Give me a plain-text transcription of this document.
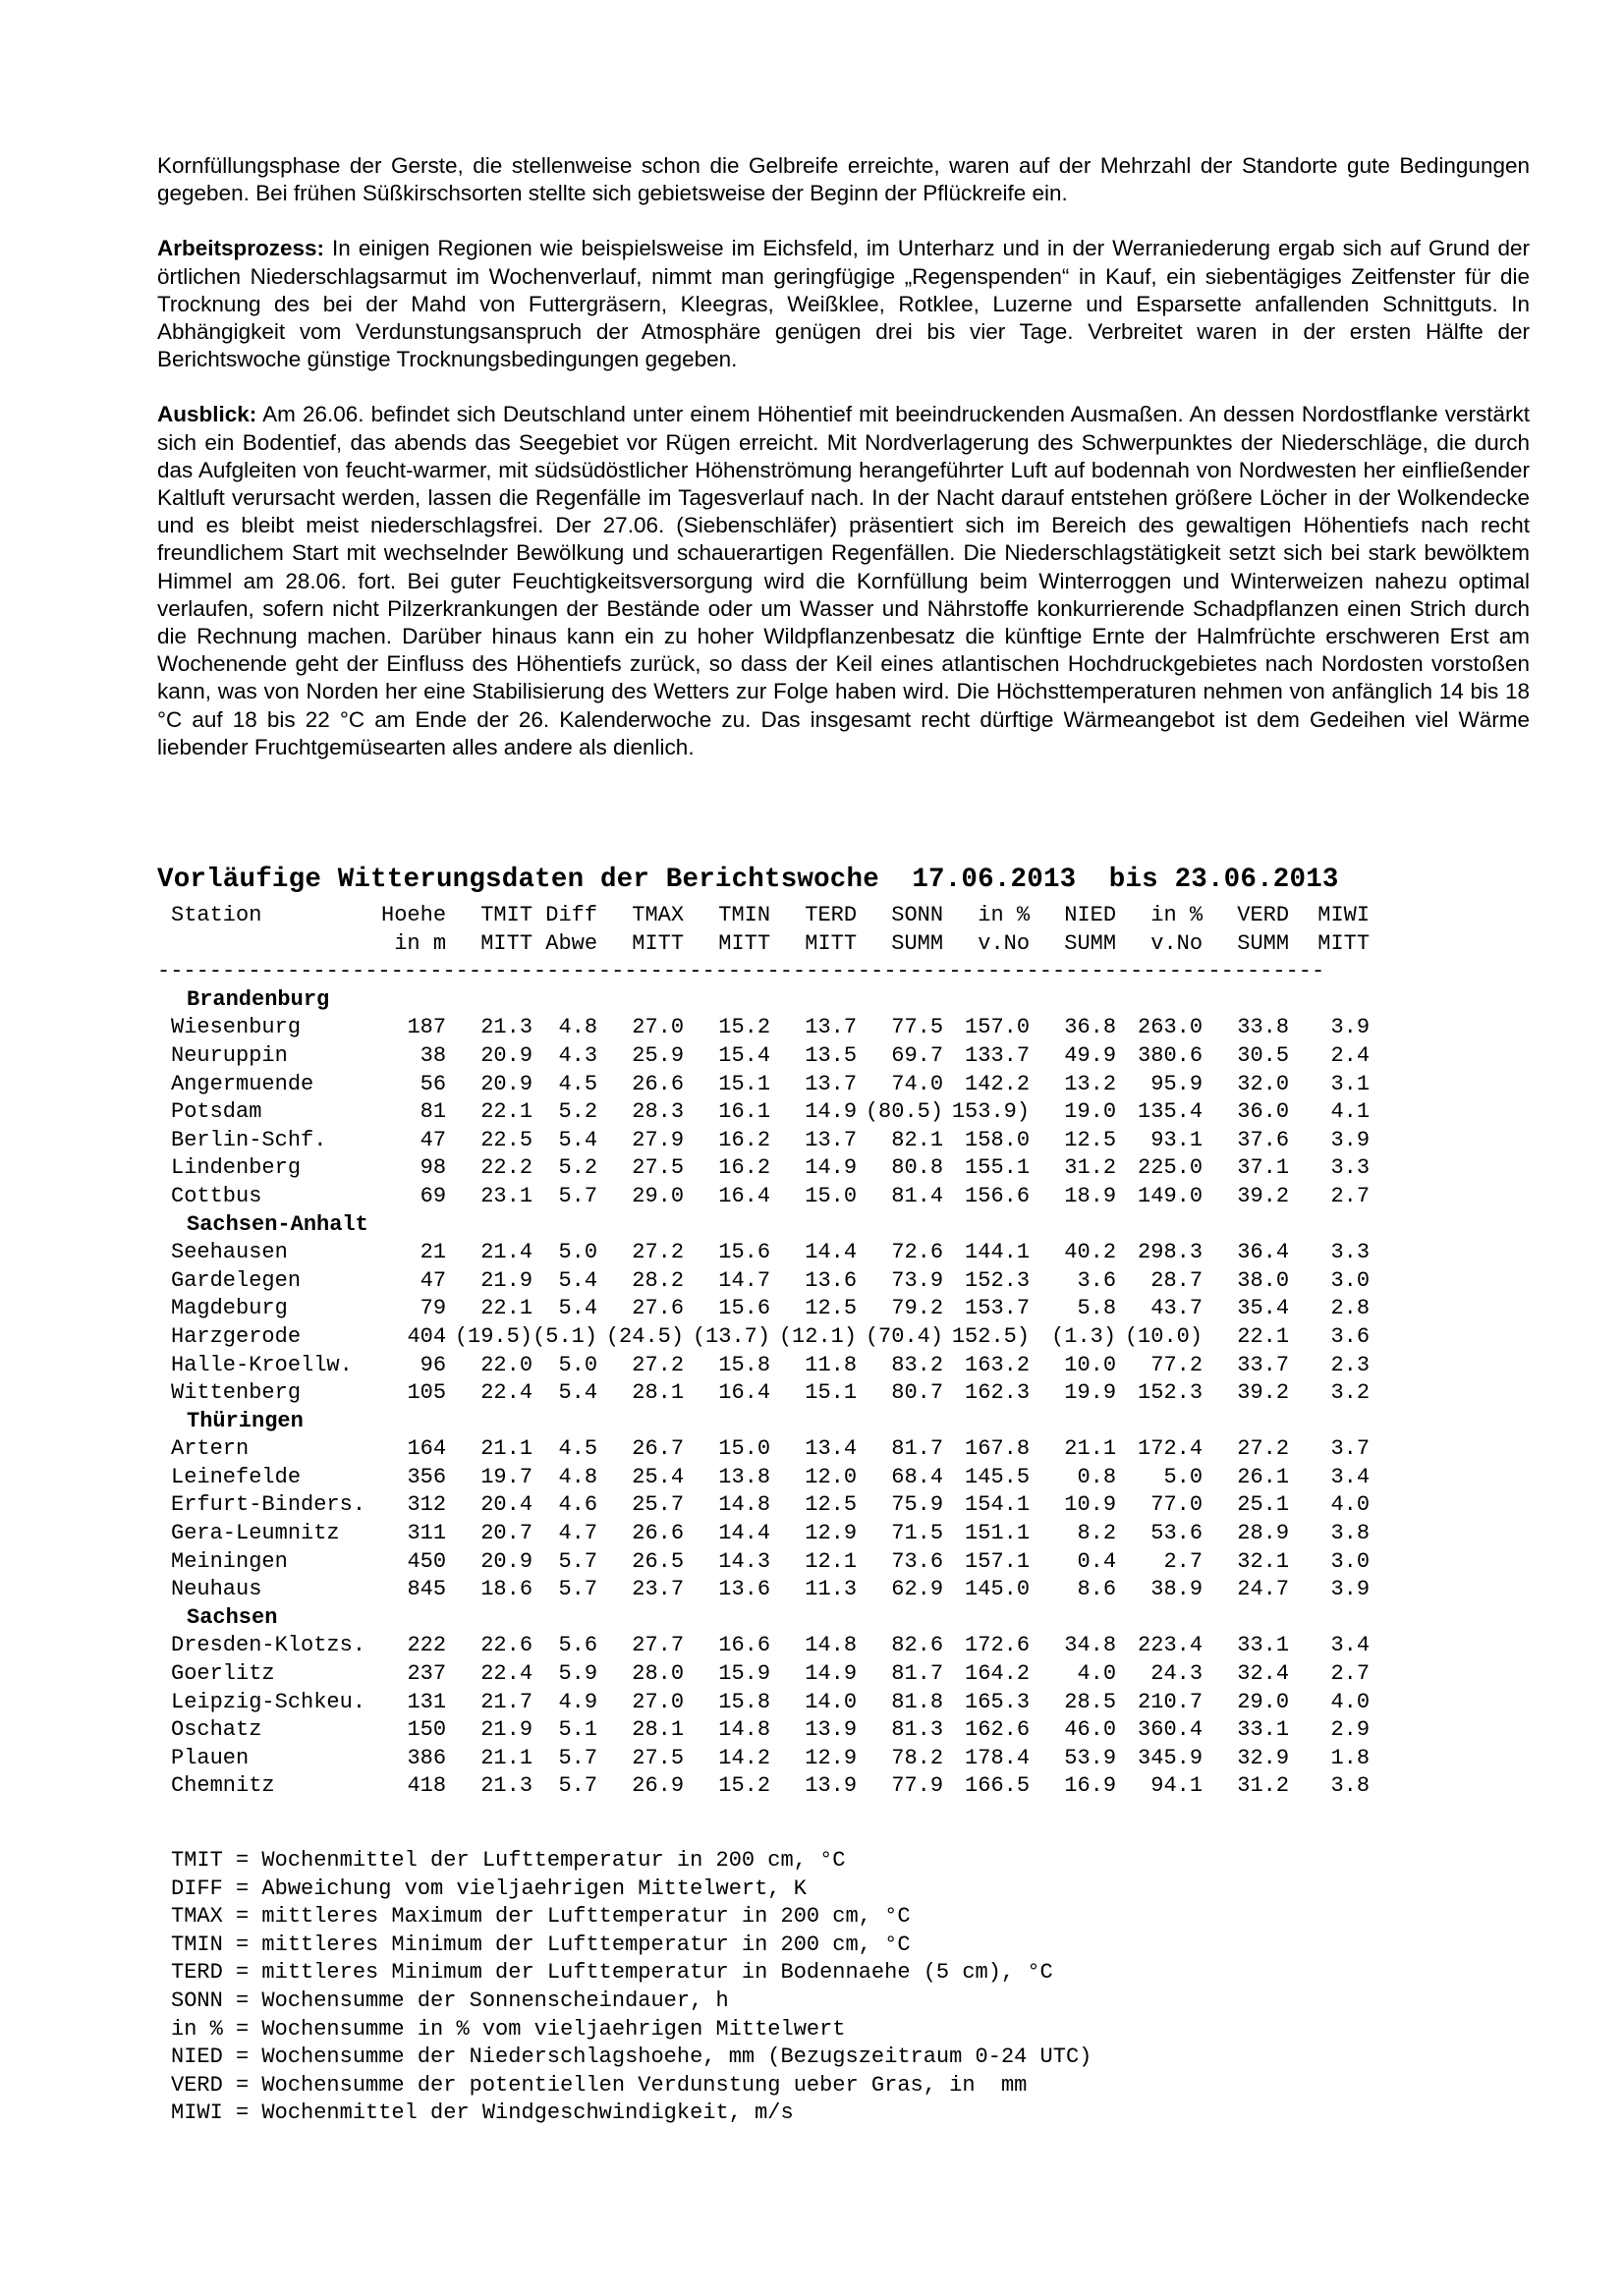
Kornfüllungsphase der Gerste, die stellenweise schon die Gelbreife erreichte, waren auf der Mehrzahl der Standorte gute Bedingungen gegeben. Bei frühen Süßkirschsorten stellte sich gebietsweise der Beginn der Pflückreife ein.

Arbeitsprozess: In einigen Regionen wie beispielsweise im Eichsfeld, im Unterharz und in der Werraniederung ergab sich auf Grund der örtlichen Niederschlagsarmut im Wochenverlauf, nimmt man geringfügige „Regenspenden“ in Kauf, ein siebentägiges Zeitfenster für die Trocknung des bei der Mahd von Futtergräsern, Kleegras, Weißklee, Rotklee, Luzerne und Esparsette anfallenden Schnittguts. In Abhängigkeit vom Verdunstungsanspruch der Atmosphäre genügen drei bis vier Tage. Verbreitet waren in der ersten Hälfte der Berichtswoche günstige Trocknungsbedingungen gegeben.

Ausblick: Am 26.06. befindet sich Deutschland unter einem Höhentief mit beeindruckenden Ausmaßen. An dessen Nordostflanke verstärkt sich ein Bodentief, das abends das Seegebiet vor Rügen erreicht. Mit Nordverlagerung des Schwerpunktes der Niederschläge, die durch das Aufgleiten von feucht-warmer, mit südsüdöstlicher Höhenströmung herangeführter Luft auf bodennah von Nordwesten her einfließender Kaltluft verursacht werden, lassen die Regenfälle im Tagesverlauf nach. In der Nacht darauf entstehen größere Löcher in der Wolkendecke und es bleibt meist niederschlagsfrei. Der 27.06. (Siebenschläfer) präsentiert sich im Bereich des gewaltigen Höhentiefs nach recht freundlichem Start mit wechselnder Bewölkung und schauerartigen Regenfällen. Die Niederschlagstätigkeit setzt sich bei stark bewölktem Himmel am 28.06. fort. Bei guter Feuchtigkeitsversorgung wird die Kornfüllung beim Winterroggen und Winterweizen nahezu optimal verlaufen, sofern nicht Pilzerkrankungen der Bestände oder um Wasser und Nährstoffe konkurrierende Schadpflanzen einen Strich durch die Rechnung machen. Darüber hinaus kann ein zu hoher Wildpflanzenbesatz die künftige Ernte der Halmfrüchte erschweren Erst am Wochenende geht der Einfluss des Höhentiefs zurück, so dass der Keil eines atlantischen Hochdruckgebietes nach Nordosten vorstoßen kann, was von Norden her eine Stabilisierung des Wetters zur Folge haben wird. Die Höchsttemperaturen nehmen von anfänglich 14 bis 18 °C auf 18 bis 22 °C am Ende der 26. Kalenderwoche zu. Das insgesamt recht dürftige Wärmeangebot ist dem Gedeihen viel Wärme liebender Fruchtgemüsearten alles andere als dienlich.

Vorläufige Witterungsdaten der Berichtswoche  17.06.2013  bis 23.06.2013
Station	Hoehe	TMIT	Diff	TMAX	TMIN	TERD	SONN	in %	NIED	in %	VERD	MIWI
	in m	MITT	Abwe	MITT	MITT	MITT	SUMM	v.No	SUMM	v.No	SUMM	MITT
------------------------------------------------------------------------------------------												
Brandenburg												
Wiesenburg	187	21.3	4.8	27.0	15.2	13.7	77.5	157.0	36.8	263.0	33.8	3.9
Neuruppin	38	20.9	4.3	25.9	15.4	13.5	69.7	133.7	49.9	380.6	30.5	2.4
Angermuende	56	20.9	4.5	26.6	15.1	13.7	74.0	142.2	13.2	95.9	32.0	3.1
Potsdam	81	22.1	5.2	28.3	16.1	14.9	(80.5)	153.9)	19.0	135.4	36.0	4.1
Berlin-Schf.	47	22.5	5.4	27.9	16.2	13.7	82.1	158.0	12.5	93.1	37.6	3.9
Lindenberg	98	22.2	5.2	27.5	16.2	14.9	80.8	155.1	31.2	225.0	37.1	3.3
Cottbus	69	23.1	5.7	29.0	16.4	15.0	81.4	156.6	18.9	149.0	39.2	2.7
Sachsen-Anhalt												
Seehausen	21	21.4	5.0	27.2	15.6	14.4	72.6	144.1	40.2	298.3	36.4	3.3
Gardelegen	47	21.9	5.4	28.2	14.7	13.6	73.9	152.3	3.6	28.7	38.0	3.0
Magdeburg	79	22.1	5.4	27.6	15.6	12.5	79.2	153.7	5.8	43.7	35.4	2.8
Harzgerode	404	(19.5)	(5.1)	(24.5)	(13.7)	(12.1)	(70.4)	152.5)	(1.3)	(10.0)	22.1	3.6
Halle-Kroellw.	96	22.0	5.0	27.2	15.8	11.8	83.2	163.2	10.0	77.2	33.7	2.3
Wittenberg	105	22.4	5.4	28.1	16.4	15.1	80.7	162.3	19.9	152.3	39.2	3.2
Thüringen												
Artern	164	21.1	4.5	26.7	15.0	13.4	81.7	167.8	21.1	172.4	27.2	3.7
Leinefelde	356	19.7	4.8	25.4	13.8	12.0	68.4	145.5	0.8	5.0	26.1	3.4
Erfurt-Binders.	312	20.4	4.6	25.7	14.8	12.5	75.9	154.1	10.9	77.0	25.1	4.0
Gera-Leumnitz	311	20.7	4.7	26.6	14.4	12.9	71.5	151.1	8.2	53.6	28.9	3.8
Meiningen	450	20.9	5.7	26.5	14.3	12.1	73.6	157.1	0.4	2.7	32.1	3.0
Neuhaus	845	18.6	5.7	23.7	13.6	11.3	62.9	145.0	8.6	38.9	24.7	3.9
Sachsen												
Dresden-Klotzs.	222	22.6	5.6	27.7	16.6	14.8	82.6	172.6	34.8	223.4	33.1	3.4
Goerlitz	237	22.4	5.9	28.0	15.9	14.9	81.7	164.2	4.0	24.3	32.4	2.7
Leipzig-Schkeu.	131	21.7	4.9	27.0	15.8	14.0	81.8	165.3	28.5	210.7	29.0	4.0
Oschatz	150	21.9	5.1	28.1	14.8	13.9	81.3	162.6	46.0	360.4	33.1	2.9
Plauen	386	21.1	5.7	27.5	14.2	12.9	78.2	178.4	53.9	345.9	32.9	1.8
Chemnitz	418	21.3	5.7	26.9	15.2	13.9	77.9	166.5	16.9	94.1	31.2	3.8
TMIT = Wochenmittel der Lufttemperatur in 200 cm, °C
DIFF = Abweichung vom vieljaehrigen Mittelwert, K
TMAX = mittleres Maximum der Lufttemperatur in 200 cm, °C
TMIN = mittleres Minimum der Lufttemperatur in 200 cm, °C
TERD = mittleres Minimum der Lufttemperatur in Bodennaehe (5 cm), °C
SONN = Wochensumme der Sonnenscheindauer, h
in % = Wochensumme in % vom vieljaehrigen Mittelwert
NIED = Wochensumme der Niederschlagshoehe, mm (Bezugszeitraum 0-24 UTC)
VERD = Wochensumme der potentiellen Verdunstung ueber Gras, in  mm
MIWI = Wochenmittel der Windgeschwindigkeit, m/s
